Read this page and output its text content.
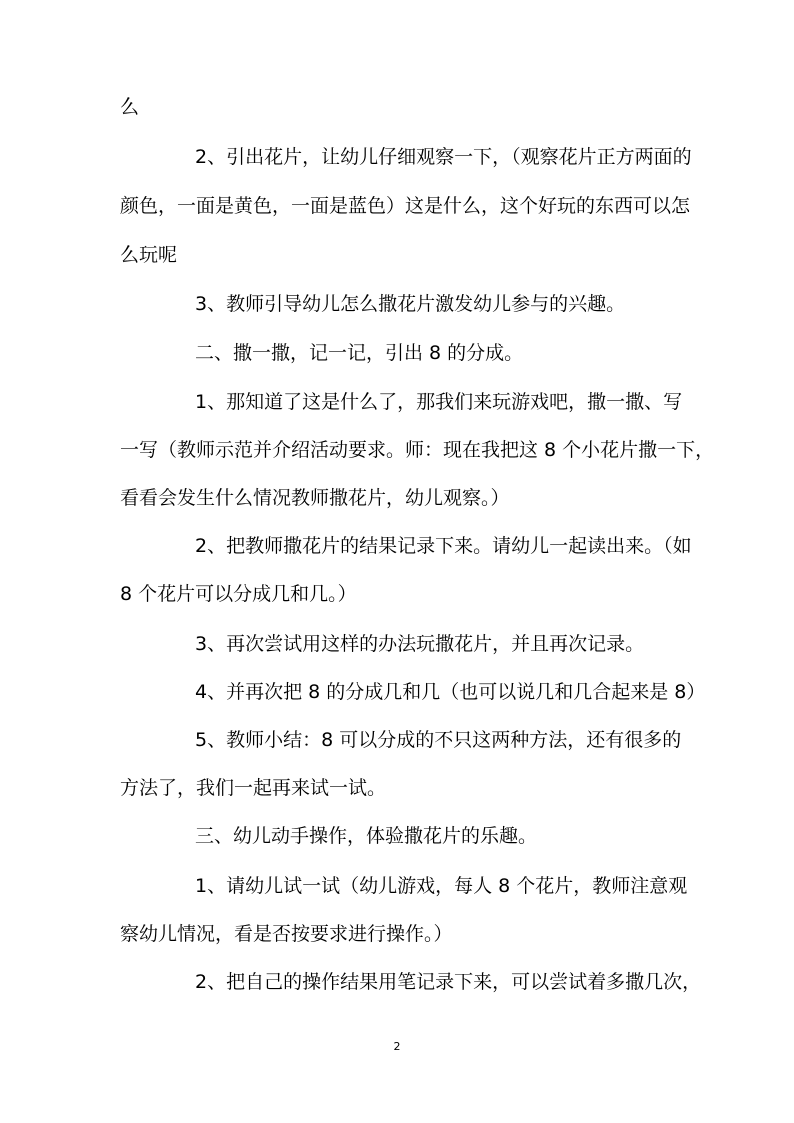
么
2、引出花片，让幼儿仔细观察一下，（观察花片正方两面的
颜色，一面是黄色，一面是蓝色）这是什么，这个好玩的东西可以怎
么玩呢
3、教师引导幼儿怎么撒花片激发幼儿参与的兴趣。
二、撒一撒，记一记，引出 8 的分成。
1、那知道了这是什么了，那我们来玩游戏吧，撒一撒、写
一写（教师示范并介绍活动要求。师：现在我把这 8 个小花片撒一下，
看看会发生什么情况教师撒花片，幼儿观察。）
2、把教师撒花片的结果记录下来。请幼儿一起读出来。（如
8 个花片可以分成几和几。）
3、再次尝试用这样的办法玩撒花片，并且再次记录。
4、并再次把 8 的分成几和几（也可以说几和几合起来是 8）
5、教师小结：8 可以分成的不只这两种方法，还有很多的
方法了，我们一起再来试一试。
三、幼儿动手操作，体验撒花片的乐趣。
1、请幼儿试一试（幼儿游戏，每人 8 个花片，教师注意观
察幼儿情况，看是否按要求进行操作。）
2、把自己的操作结果用笔记录下来，可以尝试着多撒几次，
2
